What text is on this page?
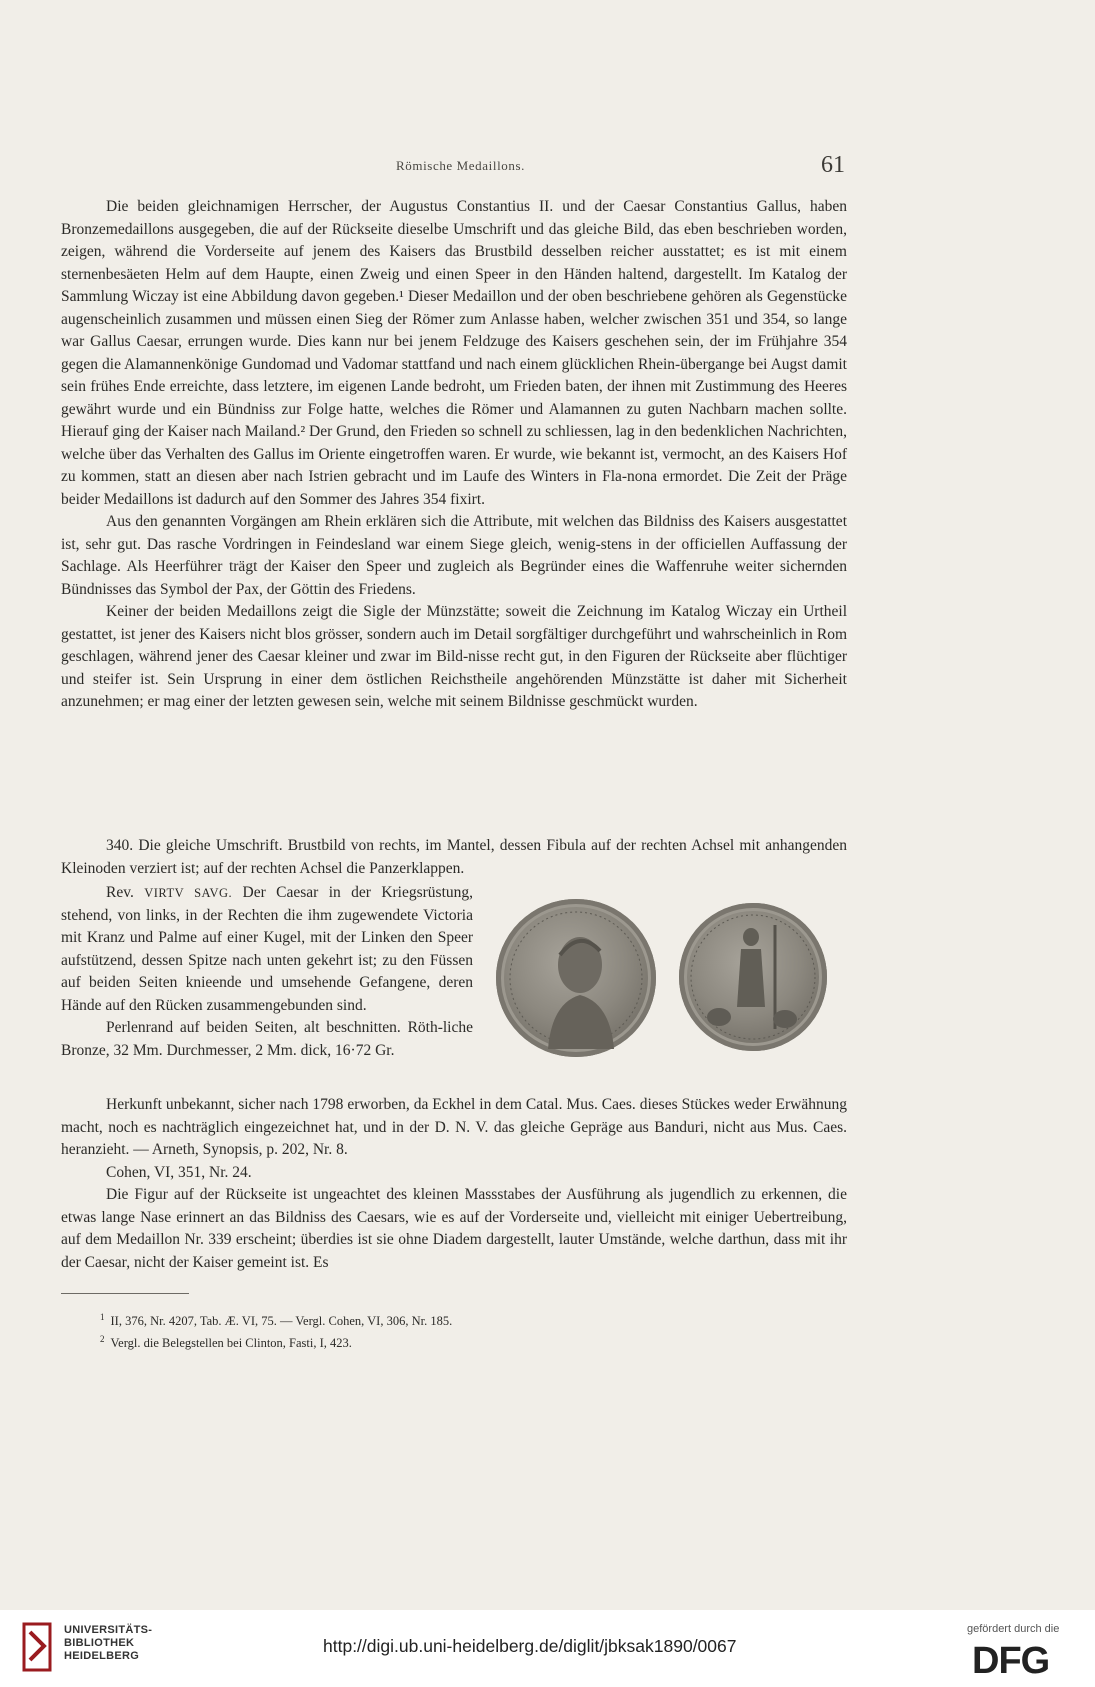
Römische Medaillons.	61

Die beiden gleichnamigen Herrscher, der Augustus Constantius II. und der Caesar Constantius Gallus, haben Bronzemedaillons ausgegeben, die auf der Rückseite dieselbe Umschrift und das gleiche Bild, das eben beschrieben worden, zeigen, während die Vorderseite auf jenem des Kaisers das Brustbild desselben reicher ausstattet; es ist mit einem sternenbesäeten Helm auf dem Haupte, einen Zweig und einen Speer in den Händen haltend, dargestellt. Im Katalog der Sammlung Wiczay ist eine Abbildung davon gegeben.¹ Dieser Medaillon und der oben beschriebene gehören als Gegenstücke augenscheinlich zusammen und müssen einen Sieg der Römer zum Anlasse haben, welcher zwischen 351 und 354, so lange war Gallus Caesar, errungen wurde. Dies kann nur bei jenem Feldzuge des Kaisers geschehen sein, der im Frühjahre 354 gegen die Alamannenkönige Gundomad und Vadomar stattfand und nach einem glücklichen Rhein-übergange bei Augst damit sein frühes Ende erreichte, dass letztere, im eigenen Lande bedroht, um Frieden baten, der ihnen mit Zustimmung des Heeres gewährt wurde und ein Bündniss zur Folge hatte, welches die Römer und Alamannen zu guten Nachbarn machen sollte. Hierauf ging der Kaiser nach Mailand.² Der Grund, den Frieden so schnell zu schliessen, lag in den bedenklichen Nachrichten, welche über das Verhalten des Gallus im Oriente eingetroffen waren. Er wurde, wie bekannt ist, vermocht, an des Kaisers Hof zu kommen, statt an diesen aber nach Istrien gebracht und im Laufe des Winters in Fla-nona ermordet. Die Zeit der Präge beider Medaillons ist dadurch auf den Sommer des Jahres 354 fixirt.

Aus den genannten Vorgängen am Rhein erklären sich die Attribute, mit welchen das Bildniss des Kaisers ausgestattet ist, sehr gut. Das rasche Vordringen in Feindesland war einem Siege gleich, wenig-stens in der officiellen Auffassung der Sachlage. Als Heerführer trägt der Kaiser den Speer und zugleich als Begründer eines die Waffenruhe weiter sichernden Bündnisses das Symbol der Pax, der Göttin des Friedens.

Keiner der beiden Medaillons zeigt die Sigle der Münzstätte; soweit die Zeichnung im Katalog Wiczay ein Urtheil gestattet, ist jener des Kaisers nicht blos grösser, sondern auch im Detail sorgfältiger durchgeführt und wahrscheinlich in Rom geschlagen, während jener des Caesar kleiner und zwar im Bild-nisse recht gut, in den Figuren der Rückseite aber flüchtiger und steifer ist. Sein Ursprung in einer dem östlichen Reichstheile angehörenden Münzstätte ist daher mit Sicherheit anzunehmen; er mag einer der letzten gewesen sein, welche mit seinem Bildnisse geschmückt wurden.

340. Die gleiche Umschrift. Brustbild von rechts, im Mantel, dessen Fibula auf der rechten Achsel mit anhangenden Kleinoden verziert ist; auf der rechten Achsel die Panzerklappen.

Rev. VIRTV SAVG. Der Caesar in der Kriegsrüstung, stehend, von links, in der Rechten die ihm zugewendete Victoria mit Kranz und Palme auf einer Kugel, mit der Linken den Speer aufstützend, dessen Spitze nach unten gekehrt ist; zu den Füssen auf beiden Seiten knieende und umsehende Gefangene, deren Hände auf den Rücken zusammengebunden sind.

Perlenrand auf beiden Seiten, alt beschnitten. Röth-liche Bronze, 32 Mm. Durchmesser, 2 Mm. dick, 16·72 Gr.

Herkunft unbekannt, sicher nach 1798 erworben, da Eckhel in dem Catal. Mus. Caes. dieses Stückes weder Erwähnung macht, noch es nachträglich eingezeichnet hat, und in der D. N. V. das gleiche Gepräge aus Banduri, nicht aus Mus. Caes. heranzieht. — Arneth, Synopsis, p. 202, Nr. 8.

Cohen, VI, 351, Nr. 24.

Die Figur auf der Rückseite ist ungeachtet des kleinen Massstabes der Ausführung als jugendlich zu erkennen, die etwas lange Nase erinnert an das Bildniss des Caesars, wie es auf der Vorderseite und, vielleicht mit einiger Uebertreibung, auf dem Medaillon Nr. 339 erscheint; überdies ist sie ohne Diadem dargestellt, lauter Umstände, welche darthun, dass mit ihr der Caesar, nicht der Kaiser gemeint ist. Es

$^1$ II, 376, Nr. 4207, Tab. Æ. VI, 75. — Vergl. Cohen, VI, 306, Nr. 185.

$^2$ Vergl. die Belegstellen bei Clinton, Fasti, I, 423.

UNIVERSITÄTS-
BIBLIOTHEK
HEIDELBERG	http://digi.ub.uni-heidelberg.de/diglit/jbksak1890/0067
gefördert durch die
DFG
